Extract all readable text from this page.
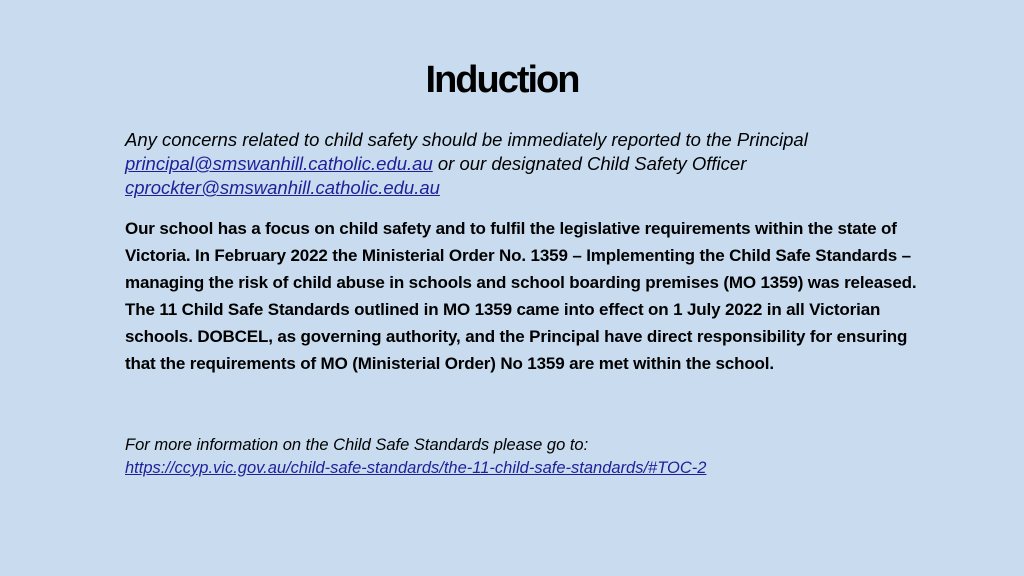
Induction

Any concerns related to child safety should be immediately reported to the Principal principal@smswanhill.catholic.edu.au or our designated Child Safety Officer
cprockter@smswanhill.catholic.edu.au

Our school has a focus on child safety and to fulfil the legislative requirements within the state of Victoria. In February 2022 the Ministerial Order No. 1359 – Implementing the Child Safe Standards – managing the risk of child abuse in schools and school boarding premises (MO 1359) was released. The 11 Child Safe Standards outlined in MO 1359 came into effect on 1 July 2022 in all Victorian schools. DOBCEL, as governing authority, and the Principal have direct responsibility for ensuring that the requirements of MO (Ministerial Order) No 1359 are met within the school.

For more information on the Child Safe Standards please go to:
https://ccyp.vic.gov.au/child-safe-standards/the-11-child-safe-standards/#TOC-2
